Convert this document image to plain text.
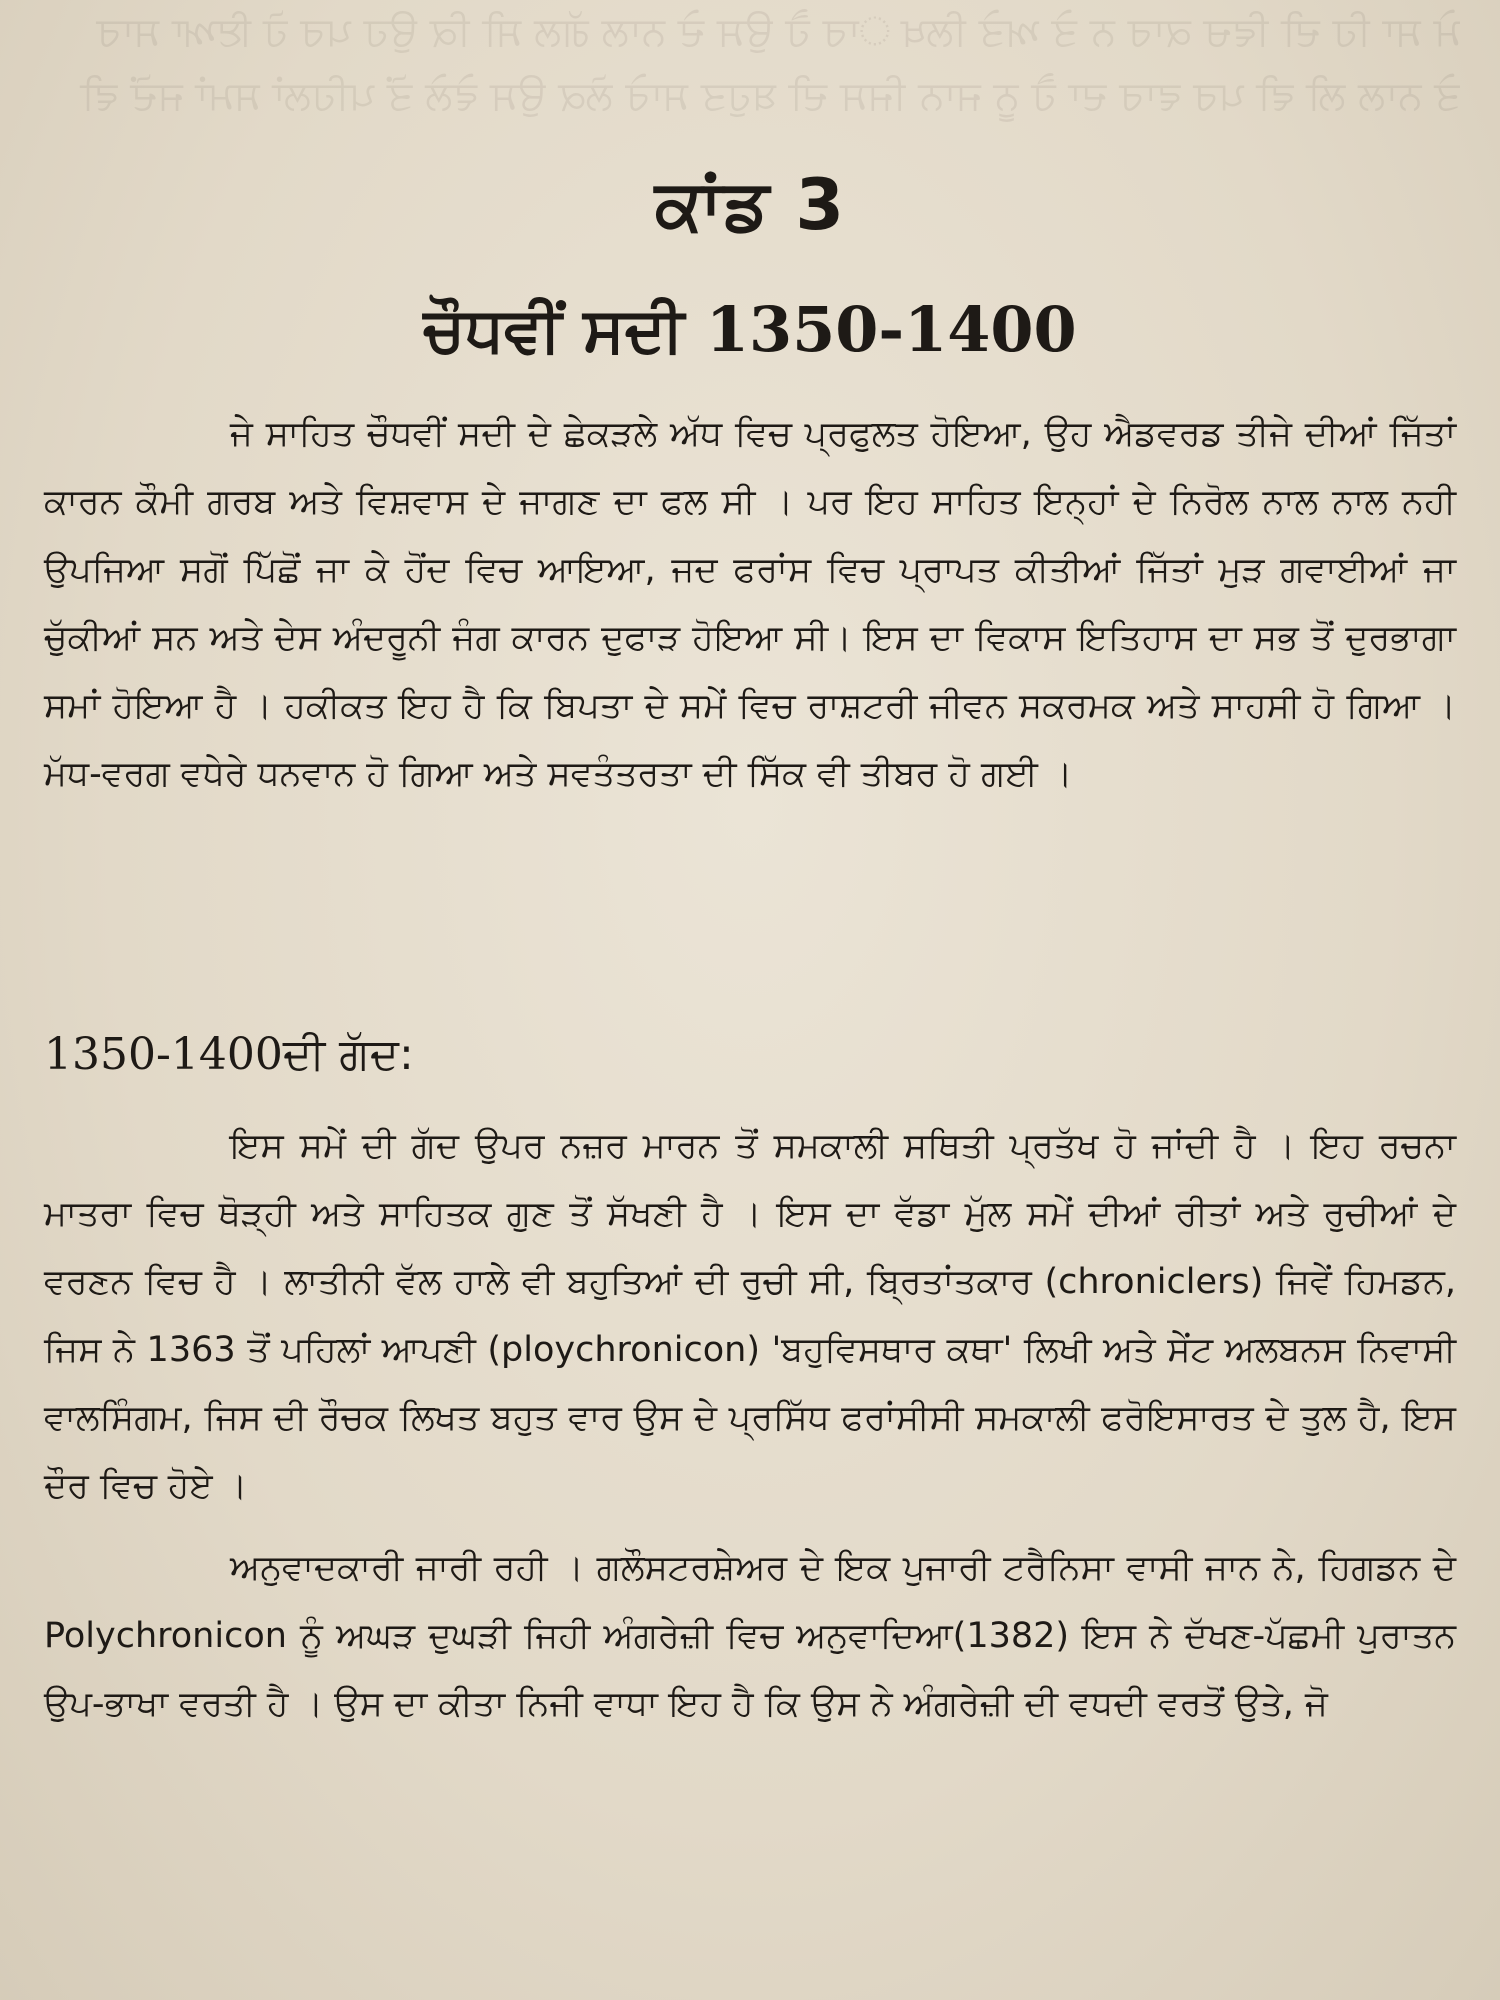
ਮੇ ਸਾ ਹਿ ਦੀ ਵਿਚ ਕਾਰ ਨ ਤੇ ਅਤੇ ਲਿਖ ਾਰ ਹੈ ਉਸ ਦੇ ਨਾਲ ਗੱਲ ਸੀ ਕਿ ਉਹ ਪਰ ਹੋ ਇਆ ਸਾਰ ਤੇ ਨਾਲ ਲੀ ਵੀ ਪਰ ਵਾਰ ਦਾ ਹੈ ਨੂ ਜਾਨ ਜਿਸ ਦੀ ਬਹੁਤ ਸਾਰੇ ਲੋਕ ਉਸ ਵੇਲੇ ਤੋਂ ਪਹਿਲਾਂ ਸਮਾਂ ਜਦੋਂ ਵੀ
ਕਾਂਡ 3
ਚੌਧਵੀਂ ਸਦੀ 1350-1400

ਜੇ ਸਾਹਿਤ ਚੌਧਵੀਂ ਸਦੀ ਦੇ ਛੇਕੜਲੇ ਅੱਧ ਵਿਚ ਪ੍ਰਫੁਲਤ ਹੋਇਆ, ਉਹ ਐਡਵਰਡ ਤੀਜੇ ਦੀਆਂ ਜਿੱਤਾਂ ਕਾਰਨ ਕੌਮੀ ਗਰਬ ਅਤੇ ਵਿਸ਼ਵਾਸ ਦੇ ਜਾਗਣ ਦਾ ਫਲ ਸੀ । ਪਰ ਇਹ ਸਾਹਿਤ ਇਨ੍ਹਾਂ ਦੇ ਨਿਰੋਲ ਨਾਲ ਨਾਲ ਨਹੀ ਉਪਜਿਆ ਸਗੋਂ ਪਿੱਛੋਂ ਜਾ ਕੇ ਹੋਂਦ ਵਿਚ ਆਇਆ, ਜਦ ਫਰਾਂਸ ਵਿਚ ਪ੍ਰਾਪਤ ਕੀਤੀਆਂ ਜਿੱਤਾਂ ਮੁੜ ਗਵਾਈਆਂ ਜਾ ਚੁੱਕੀਆਂ ਸਨ ਅਤੇ ਦੇਸ ਅੰਦਰੂਨੀ ਜੰਗ ਕਾਰਨ ਦੁਫਾੜ ਹੋਇਆ ਸੀ। ਇਸ ਦਾ ਵਿਕਾਸ ਇਤਿਹਾਸ ਦਾ ਸਭ ਤੋਂ ਦੁਰਭਾਗਾ ਸਮਾਂ ਹੋਇਆ ਹੈ । ਹਕੀਕਤ ਇਹ ਹੈ ਕਿ ਬਿਪਤਾ ਦੇ ਸਮੇਂ ਵਿਚ ਰਾਸ਼ਟਰੀ ਜੀਵਨ ਸਕਰਮਕ ਅਤੇ ਸਾਹਸੀ ਹੋ ਗਿਆ । ਮੱਧ-ਵਰਗ ਵਧੇਰੇ ਧਨਵਾਨ ਹੋ ਗਿਆ ਅਤੇ ਸਵਤੰਤਰਤਾ ਦੀ ਸਿੱਕ ਵੀ ਤੀਬਰ ਹੋ ਗਈ ।

1350-1400ਦੀ ਗੱਦ:

ਇਸ ਸਮੇਂ ਦੀ ਗੱਦ ਉਪਰ ਨਜ਼ਰ ਮਾਰਨ ਤੋਂ ਸਮਕਾਲੀ ਸਥਿਤੀ ਪ੍ਰਤੱਖ ਹੋ ਜਾਂਦੀ ਹੈ । ਇਹ ਰਚਨਾ ਮਾਤਰਾ ਵਿਚ ਥੋੜ੍ਹੀ ਅਤੇ ਸਾਹਿਤਕ ਗੁਣ ਤੋਂ ਸੱਖਣੀ ਹੈ । ਇਸ ਦਾ ਵੱਡਾ ਮੁੱਲ ਸਮੇਂ ਦੀਆਂ ਰੀਤਾਂ ਅਤੇ ਰੁਚੀਆਂ ਦੇ ਵਰਣਨ ਵਿਚ ਹੈ । ਲਾਤੀਨੀ ਵੱਲ ਹਾਲੇ ਵੀ ਬਹੁਤਿਆਂ ਦੀ ਰੁਚੀ ਸੀ, ਬ੍ਰਿਤਾਂਤਕਾਰ (chroniclers) ਜਿਵੇਂ ਹਿਮਡਨ, ਜਿਸ ਨੇ 1363 ਤੋਂ ਪਹਿਲਾਂ ਆਪਣੀ (ploychronicon) 'ਬਹੁਵਿਸਥਾਰ ਕਥਾ' ਲਿਖੀ ਅਤੇ ਸੇਂਟ ਅਲਬਨਸ ਨਿਵਾਸੀ ਵਾਲਸਿੰਗਮ, ਜਿਸ ਦੀ ਰੌਚਕ ਲਿਖਤ ਬਹੁਤ ਵਾਰ ਉਸ ਦੇ ਪ੍ਰਸਿੱਧ ਫਰਾਂਸੀਸੀ ਸਮਕਾਲੀ ਫਰੋਇਸਾਰਤ ਦੇ ਤੁਲ ਹੈ, ਇਸ ਦੌਰ ਵਿਚ ਹੋਏ ।

ਅਨੁਵਾਦਕਾਰੀ ਜਾਰੀ ਰਹੀ । ਗਲੌਸਟਰਸ਼ੇਅਰ ਦੇ ਇਕ ਪੁਜਾਰੀ ਟਰੈਨਿਸਾ ਵਾਸੀ ਜਾਨ ਨੇ, ਹਿਗਡਨ ਦੇ Polychronicon ਨੂੰ ਅਘੜ ਦੁਘੜੀ ਜਿਹੀ ਅੰਗਰੇਜ਼ੀ ਵਿਚ ਅਨੁਵਾਦਿਆ(1382) ਇਸ ਨੇ ਦੱਖਣ-ਪੱਛਮੀ ਪੁਰਾਤਨ ਉਪ-ਭਾਖਾ ਵਰਤੀ ਹੈ । ਉਸ ਦਾ ਕੀਤਾ ਨਿਜੀ ਵਾਧਾ ਇਹ ਹੈ ਕਿ ਉਸ ਨੇ ਅੰਗਰੇਜ਼ੀ ਦੀ ਵਧਦੀ ਵਰਤੋਂ ਉਤੇ, ਜੋ
